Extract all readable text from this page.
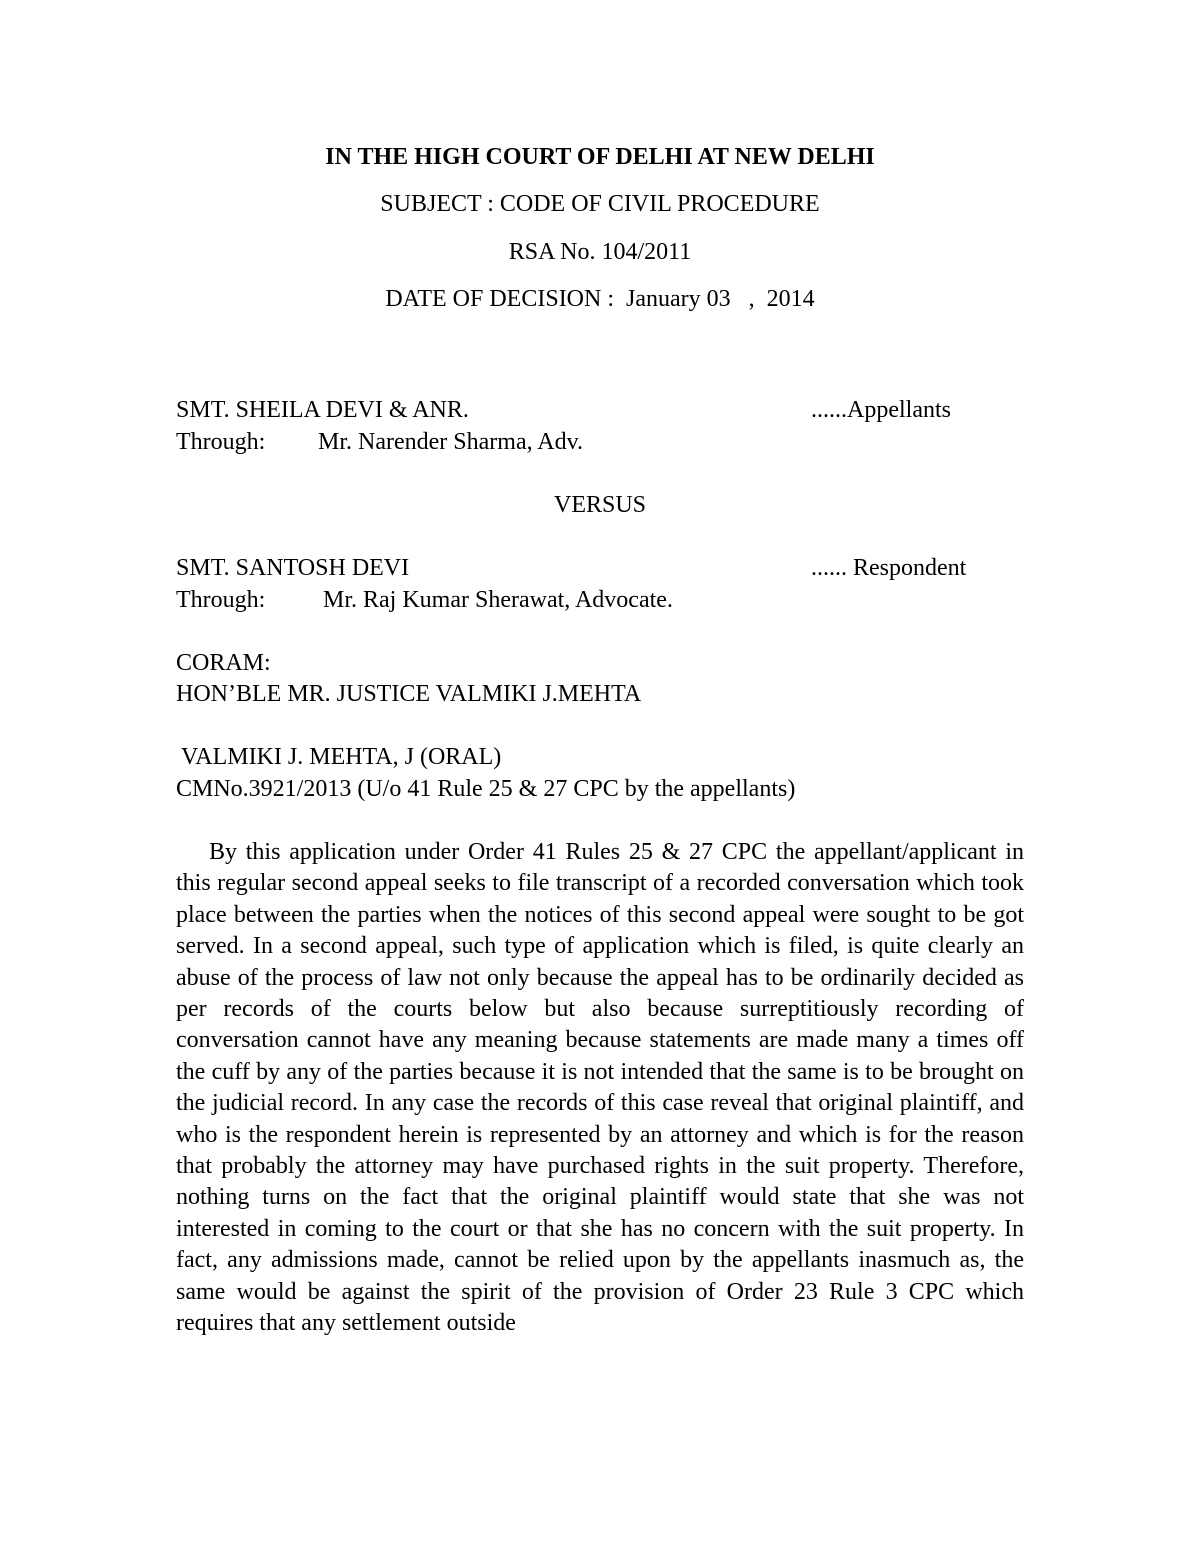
IN THE HIGH COURT OF DELHI AT NEW DELHI
SUBJECT : CODE OF CIVIL PROCEDURE
RSA No. 104/2011
DATE OF DECISION :  January 03   ,  2014
SMT. SHEILA DEVI & ANR.	......Appellants
Through: Mr. Narender Sharma, Adv.
VERSUS
SMT. SANTOSH DEVI	...... Respondent
Through: Mr. Raj Kumar Sherawat, Advocate.
CORAM:
HON’BLE MR. JUSTICE VALMIKI J.MEHTA
VALMIKI J. MEHTA, J (ORAL)
CMNo.3921/2013 (U/o 41 Rule 25 & 27 CPC by the appellants)

By this application under Order 41 Rules 25 & 27 CPC the appellant/applicant in this regular second appeal seeks to file transcript of a recorded conversation which took place between the parties when the notices of this second appeal were sought to be got served. In a second appeal, such type of application which is filed, is quite clearly an abuse of the process of law not only because the appeal has to be ordinarily decided as per records of the courts below but also because surreptitiously recording of conversation cannot have any meaning because statements are made many a times off the cuff by any of the parties because it is not intended that the same is to be brought on the judicial record. In any case the records of this case reveal that original plaintiff, and who is the respondent herein is represented by an attorney and which is for the reason that probably the attorney may have purchased rights in the suit property. Therefore, nothing turns on the fact that the original plaintiff would state that she was not interested in coming to the court or that she has no concern with the suit property. In fact, any admissions made, cannot be relied upon by the appellants inasmuch as, the same would be against the spirit of the provision of Order 23 Rule 3 CPC which requires that any settlement outside
